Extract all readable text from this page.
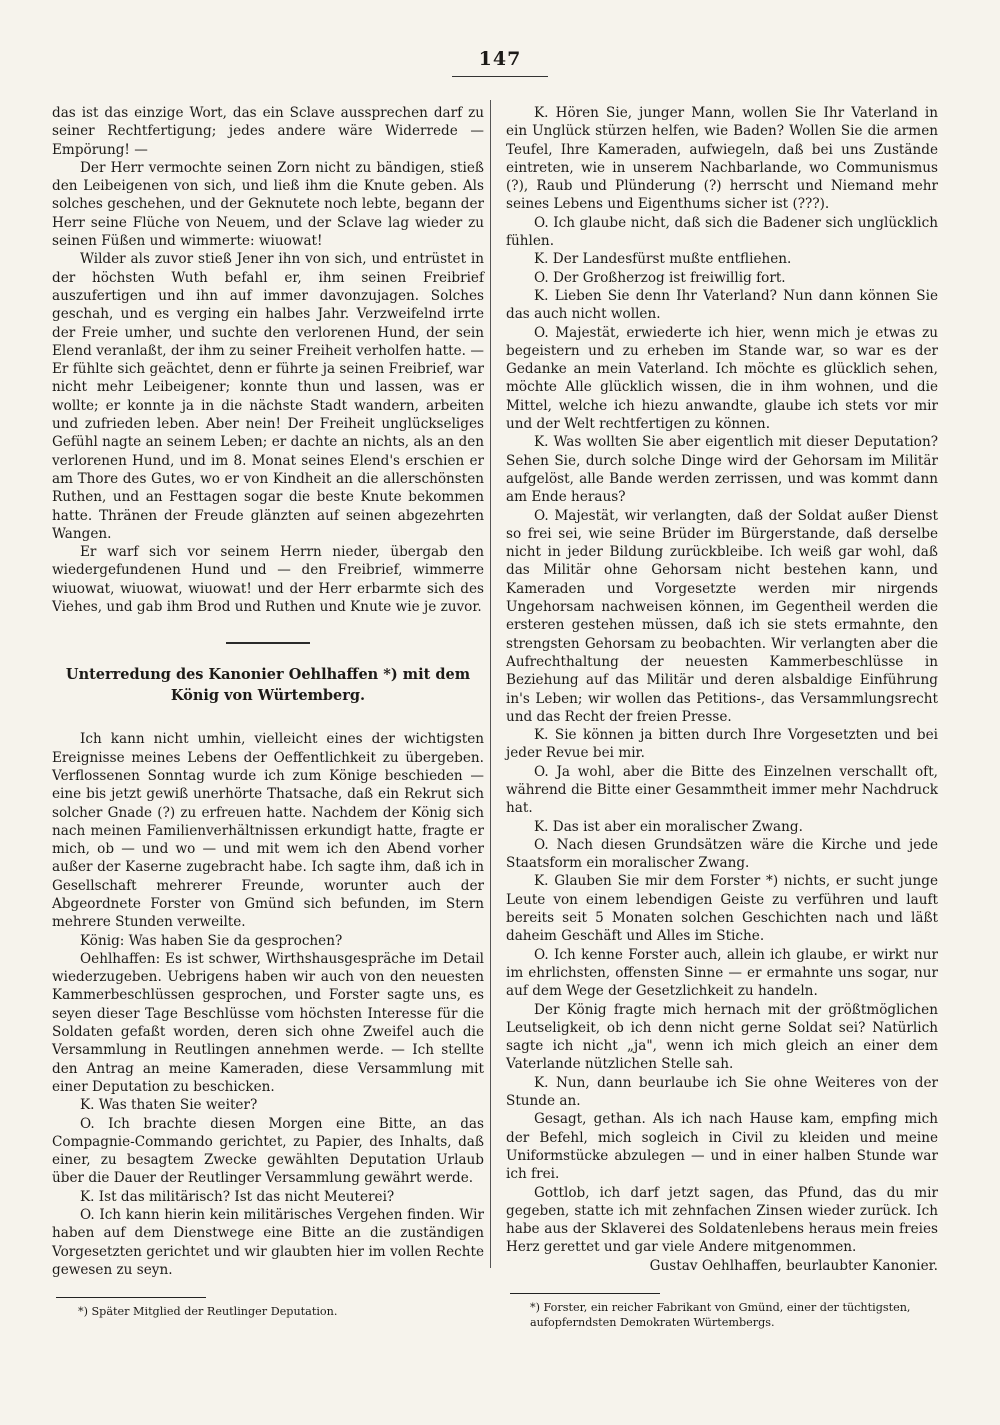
147

das ist das einzige Wort, das ein Sclave aussprechen darf zu seiner Rechtfertigung; jedes andere wäre Widerrede — Empörung! —

Der Herr vermochte seinen Zorn nicht zu bändigen, stieß den Leibeigenen von sich, und ließ ihm die Knute geben. Als solches geschehen, und der Geknutete noch lebte, begann der Herr seine Flüche von Neuem, und der Sclave lag wieder zu seinen Füßen und wimmerte: wiuowat!

Wilder als zuvor stieß Jener ihn von sich, und entrüstet in der höchsten Wuth befahl er, ihm seinen Freibrief auszufertigen und ihn auf immer davonzujagen. Solches geschah, und es verging ein halbes Jahr. Verzweifelnd irrte der Freie umher, und suchte den verlorenen Hund, der sein Elend veranlaßt, der ihm zu seiner Freiheit verholfen hatte. — Er fühlte sich geächtet, denn er führte ja seinen Freibrief, war nicht mehr Leibeigener; konnte thun und lassen, was er wollte; er konnte ja in die nächste Stadt wandern, arbeiten und zufrieden leben. Aber nein! Der Freiheit unglückseliges Gefühl nagte an seinem Leben; er dachte an nichts, als an den verlorenen Hund, und im 8. Monat seines Elend's erschien er am Thore des Gutes, wo er von Kindheit an die allerschönsten Ruthen, und an Festtagen sogar die beste Knute bekommen hatte. Thränen der Freude glänzten auf seinen abgezehrten Wangen.

Er warf sich vor seinem Herrn nieder, übergab den wiedergefundenen Hund und — den Freibrief, wimmerre wiuowat, wiuowat, wiuowat! und der Herr erbarmte sich des Viehes, und gab ihm Brod und Ruthen und Knute wie je zuvor.

Unterredung des Kanonier Oehlhaffen *) mit dem König von Würtemberg.

Ich kann nicht umhin, vielleicht eines der wichtigsten Ereignisse meines Lebens der Oeffentlichkeit zu übergeben. Verflossenen Sonntag wurde ich zum Könige beschieden — eine bis jetzt gewiß unerhörte Thatsache, daß ein Rekrut sich solcher Gnade (?) zu erfreuen hatte. Nachdem der König sich nach meinen Familienverhältnissen erkundigt hatte, fragte er mich, ob — und wo — und mit wem ich den Abend vorher außer der Kaserne zugebracht habe. Ich sagte ihm, daß ich in Gesellschaft mehrerer Freunde, worunter auch der Abgeordnete Forster von Gmünd sich befunden, im Stern mehrere Stunden verweilte.

König: Was haben Sie da gesprochen?

Oehlhaffen: Es ist schwer, Wirthshausgespräche im Detail wiederzugeben. Uebrigens haben wir auch von den neuesten Kammerbeschlüssen gesprochen, und Forster sagte uns, es seyen dieser Tage Beschlüsse vom höchsten Interesse für die Soldaten gefaßt worden, deren sich ohne Zweifel auch die Versammlung in Reutlingen annehmen werde. — Ich stellte den Antrag an meine Kameraden, diese Versammlung mit einer Deputation zu beschicken.

K. Was thaten Sie weiter?

O. Ich brachte diesen Morgen eine Bitte, an das Compagnie-Commando gerichtet, zu Papier, des Inhalts, daß einer, zu besagtem Zwecke gewählten Deputation Urlaub über die Dauer der Reutlinger Versammlung gewährt werde.

K. Ist das militärisch? Ist das nicht Meuterei?

O. Ich kann hierin kein militärisches Vergehen finden. Wir haben auf dem Dienstwege eine Bitte an die zuständigen Vorgesetzten gerichtet und wir glaubten hier im vollen Rechte gewesen zu seyn.

*) Später Mitglied der Reutlinger Deputation.

K. Hören Sie, junger Mann, wollen Sie Ihr Vaterland in ein Unglück stürzen helfen, wie Baden? Wollen Sie die armen Teufel, Ihre Kameraden, aufwiegeln, daß bei uns Zustände eintreten, wie in unserem Nachbarlande, wo Communismus (?), Raub und Plünderung (?) herrscht und Niemand mehr seines Lebens und Eigenthums sicher ist (???).

O. Ich glaube nicht, daß sich die Badener sich unglücklich fühlen.

K. Der Landesfürst mußte entfliehen.

O. Der Großherzog ist freiwillig fort.

K. Lieben Sie denn Ihr Vaterland? Nun dann können Sie das auch nicht wollen.

O. Majestät, erwiederte ich hier, wenn mich je etwas zu begeistern und zu erheben im Stande war, so war es der Gedanke an mein Vaterland. Ich möchte es glücklich sehen, möchte Alle glücklich wissen, die in ihm wohnen, und die Mittel, welche ich hiezu anwandte, glaube ich stets vor mir und der Welt rechtfertigen zu können.

K. Was wollten Sie aber eigentlich mit dieser Deputation? Sehen Sie, durch solche Dinge wird der Gehorsam im Militär aufgelöst, alle Bande werden zerrissen, und was kommt dann am Ende heraus?

O. Majestät, wir verlangten, daß der Soldat außer Dienst so frei sei, wie seine Brüder im Bürgerstande, daß derselbe nicht in jeder Bildung zurückbleibe. Ich weiß gar wohl, daß das Militär ohne Gehorsam nicht bestehen kann, und Kameraden und Vorgesetzte werden mir nirgends Ungehorsam nachweisen können, im Gegentheil werden die ersteren gestehen müssen, daß ich sie stets ermahnte, den strengsten Gehorsam zu beobachten. Wir verlangten aber die Aufrechthaltung der neuesten Kammerbeschlüsse in Beziehung auf das Militär und deren alsbaldige Einführung in's Leben; wir wollen das Petitions-, das Versammlungsrecht und das Recht der freien Presse.

K. Sie können ja bitten durch Ihre Vorgesetzten und bei jeder Revue bei mir.

O. Ja wohl, aber die Bitte des Einzelnen verschallt oft, während die Bitte einer Gesammtheit immer mehr Nachdruck hat.

K. Das ist aber ein moralischer Zwang.

O. Nach diesen Grundsätzen wäre die Kirche und jede Staatsform ein moralischer Zwang.

K. Glauben Sie mir dem Forster *) nichts, er sucht junge Leute von einem lebendigen Geiste zu verführen und lauft bereits seit 5 Monaten solchen Geschichten nach und läßt daheim Geschäft und Alles im Stiche.

O. Ich kenne Forster auch, allein ich glaube, er wirkt nur im ehrlichsten, offensten Sinne — er ermahnte uns sogar, nur auf dem Wege der Gesetzlichkeit zu handeln.

Der König fragte mich hernach mit der größtmöglichen Leutseligkeit, ob ich denn nicht gerne Soldat sei? Natürlich sagte ich nicht „ja", wenn ich mich gleich an einer dem Vaterlande nützlichen Stelle sah.

K. Nun, dann beurlaube ich Sie ohne Weiteres von der Stunde an.

Gesagt, gethan. Als ich nach Hause kam, empfing mich der Befehl, mich sogleich in Civil zu kleiden und meine Uniformstücke abzulegen — und in einer halben Stunde war ich frei.

Gottlob, ich darf jetzt sagen, das Pfund, das du mir gegeben, statte ich mit zehnfachen Zinsen wieder zurück. Ich habe aus der Sklaverei des Soldatenlebens heraus mein freies Herz gerettet und gar viele Andere mitgenommen.

Gustav Oehlhaffen, beurlaubter Kanonier.
*) Forster, ein reicher Fabrikant von Gmünd, einer der tüchtigsten, aufopferndsten Demokraten Würtembergs.
